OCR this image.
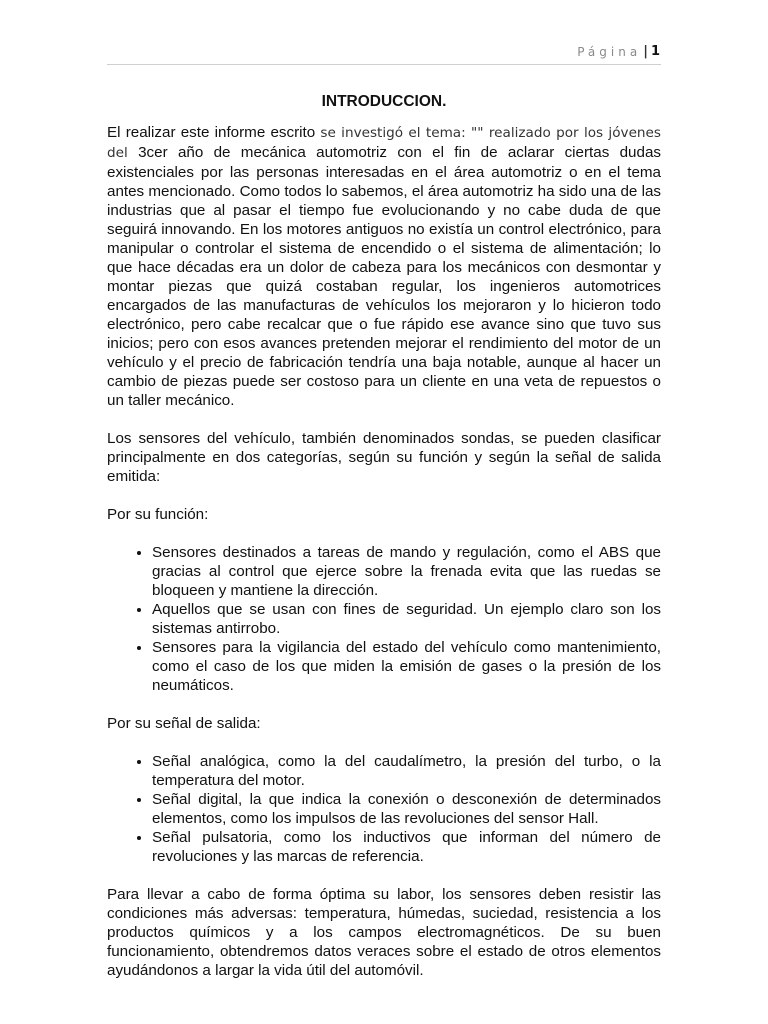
Página | 1
INTRODUCCION.

El realizar este informe escrito se investigó el tema: "" realizado por los jóvenes del 3cer año de mecánica automotriz con el fin de aclarar ciertas dudas existenciales por las personas interesadas en el área automotriz o en el tema antes mencionado. Como todos lo sabemos, el área automotriz ha sido una de las industrias que al pasar el tiempo fue evolucionando y no cabe duda de que seguirá innovando. En los motores antiguos no existía un control electrónico, para manipular o controlar el sistema de encendido o el sistema de alimentación; lo que hace décadas era un dolor de cabeza para los mecánicos con desmontar y montar piezas que quizá costaban regular, los ingenieros automotrices encargados de las manufacturas de vehículos los mejoraron y lo hicieron todo electrónico, pero cabe recalcar que o fue rápido ese avance sino que tuvo sus inicios; pero con esos avances pretenden mejorar el rendimiento del motor de un vehículo y el precio de fabricación tendría una baja notable, aunque al hacer un cambio de piezas puede ser costoso para un cliente en una veta de repuestos o un taller mecánico.

Los sensores del vehículo, también denominados sondas, se pueden clasificar principalmente en dos categorías, según su función y según la señal de salida emitida:

Por su función:

• Sensores destinados a tareas de mando y regulación, como el ABS que gracias al control que ejerce sobre la frenada evita que las ruedas se bloqueen y mantiene la dirección.
• Aquellos que se usan con fines de seguridad. Un ejemplo claro son los sistemas antirrobo.
• Sensores para la vigilancia del estado del vehículo como mantenimiento, como el caso de los que miden la emisión de gases o la presión de los neumáticos.

Por su señal de salida:

• Señal analógica, como la del caudalímetro, la presión del turbo, o la temperatura del motor.
• Señal digital, la que indica la conexión o desconexión de determinados elementos, como los impulsos de las revoluciones del sensor Hall.
• Señal pulsatoria, como los inductivos que informan del número de revoluciones y las marcas de referencia.

Para llevar a cabo de forma óptima su labor, los sensores deben resistir las condiciones más adversas: temperatura, húmedas, suciedad, resistencia a los productos químicos y a los campos electromagnéticos. De su buen funcionamiento, obtendremos datos veraces sobre el estado de otros elementos ayudándonos a largar la vida útil del automóvil.
